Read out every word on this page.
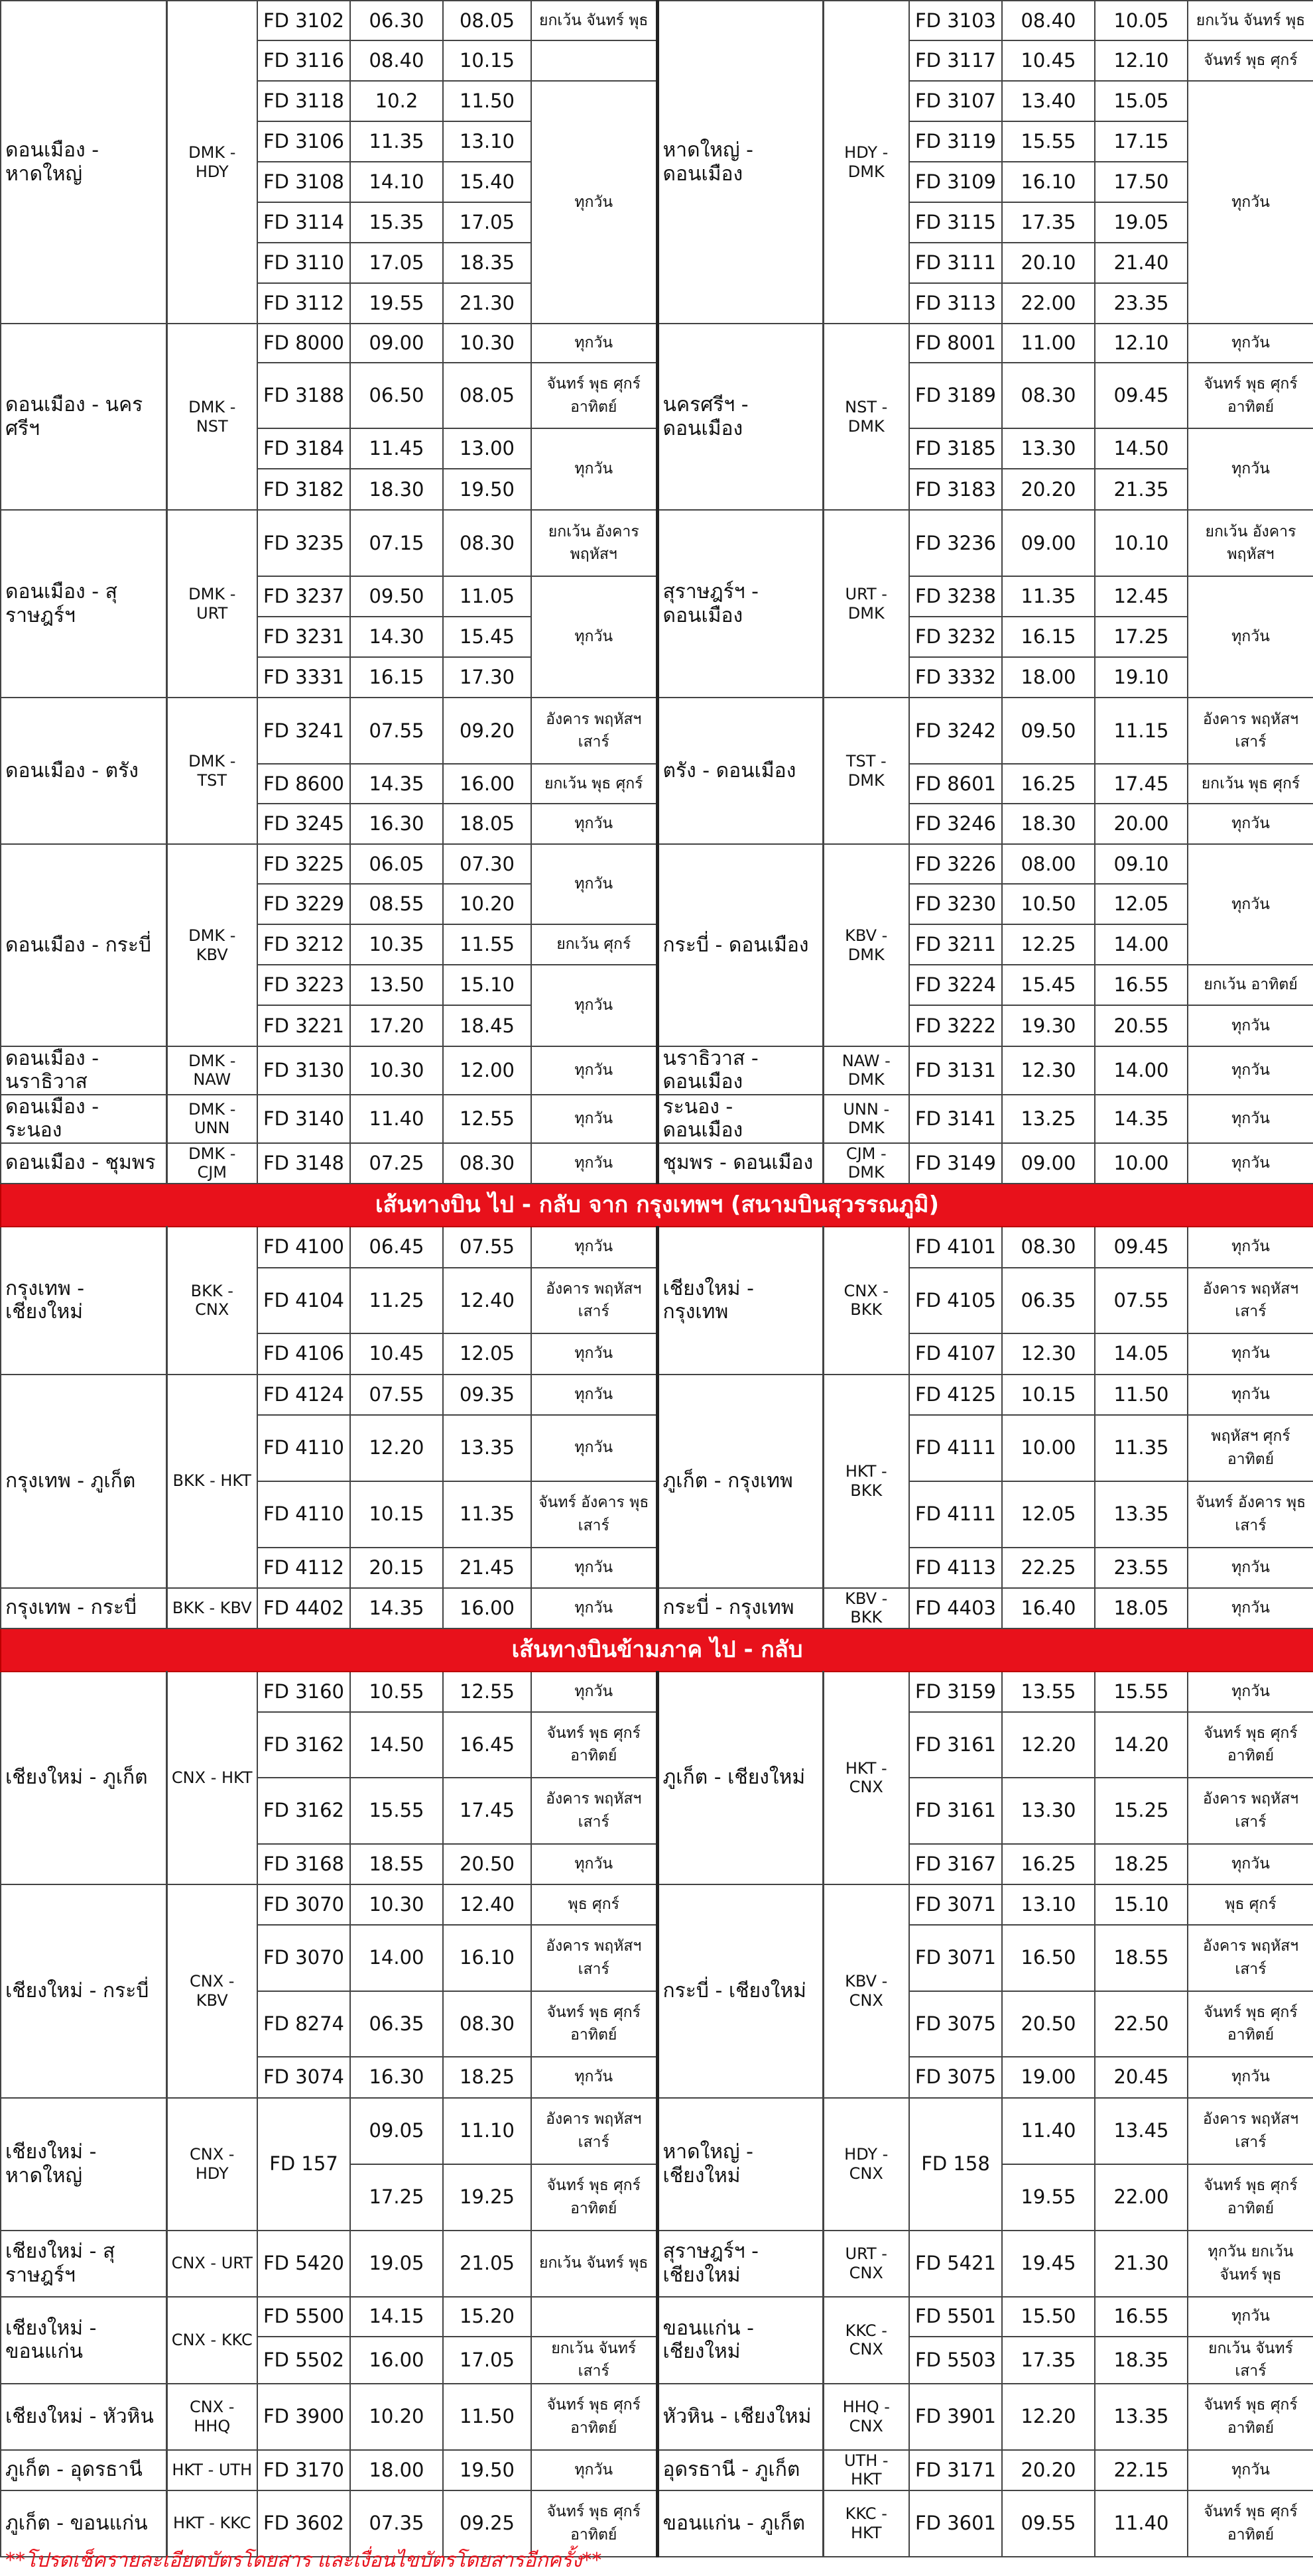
ดอนเมือง - หาดใหญ่	DMK - HDY	FD 3102	06.30	08.05	ยกเว้น จันทร์ พุธ	หาดใหญ่ - ดอนเมือง	HDY - DMK	FD 3103	08.40	10.05	ยกเว้น จันทร์ พุธ
		FD 3116	08.40	10.15				FD 3117	10.45	12.10	จันทร์ พุธ ศุกร์
		FD 3118	10.2	11.50	ทุกวัน			FD 3107	13.40	15.05	ทุกวัน
		FD 3106	11.35	13.10				FD 3119	15.55	17.15	
		FD 3108	14.10	15.40				FD 3109	16.10	17.50	
		FD 3114	15.35	17.05				FD 3115	17.35	19.05	
		FD 3110	17.05	18.35				FD 3111	20.10	21.40	
		FD 3112	19.55	21.30				FD 3113	22.00	23.35	
ดอนเมือง - นครศรีฯ	DMK - NST	FD 8000	09.00	10.30	ทุกวัน	นครศรีฯ - ดอนเมือง	NST - DMK	FD 8001	11.00	12.10	ทุกวัน
		FD 3188	06.50	08.05	จันทร์ พุธ ศุกร์ อาทิตย์			FD 3189	08.30	09.45	จันทร์ พุธ ศุกร์ อาทิตย์
		FD 3184	11.45	13.00	ทุกวัน			FD 3185	13.30	14.50	ทุกวัน
		FD 3182	18.30	19.50				FD 3183	20.20	21.35	
ดอนเมือง - สุราษฎร์ฯ	DMK - URT	FD 3235	07.15	08.30	ยกเว้น อังคาร พฤหัสฯ	สุราษฎร์ฯ - ดอนเมือง	URT - DMK	FD 3236	09.00	10.10	ยกเว้น อังคาร พฤหัสฯ
		FD 3237	09.50	11.05	ทุกวัน			FD 3238	11.35	12.45	ทุกวัน
		FD 3231	14.30	15.45				FD 3232	16.15	17.25	
		FD 3331	16.15	17.30				FD 3332	18.00	19.10	
ดอนเมือง - ตรัง	DMK - TST	FD 3241	07.55	09.20	อังคาร พฤหัสฯ เสาร์	ตรัง - ดอนเมือง	TST - DMK	FD 3242	09.50	11.15	อังคาร พฤหัสฯ เสาร์
		FD 8600	14.35	16.00	ยกเว้น พุธ ศุกร์			FD 8601	16.25	17.45	ยกเว้น พุธ ศุกร์
		FD 3245	16.30	18.05	ทุกวัน			FD 3246	18.30	20.00	ทุกวัน
ดอนเมือง - กระบี่	DMK - KBV	FD 3225	06.05	07.30	ทุกวัน	กระบี่ - ดอนเมือง	KBV - DMK	FD 3226	08.00	09.10	ทุกวัน
		FD 3229	08.55	10.20				FD 3230	10.50	12.05	
		FD 3212	10.35	11.55	ยกเว้น ศุกร์			FD 3211	12.25	14.00	
		FD 3223	13.50	15.10	ทุกวัน			FD 3224	15.45	16.55	ยกเว้น อาทิตย์
		FD 3221	17.20	18.45				FD 3222	19.30	20.55	ทุกวัน
ดอนเมือง - นราธิวาส	DMK - NAW	FD 3130	10.30	12.00	ทุกวัน	นราธิวาส - ดอนเมือง	NAW - DMK	FD 3131	12.30	14.00	ทุกวัน
ดอนเมือง - ระนอง	DMK - UNN	FD 3140	11.40	12.55	ทุกวัน	ระนอง - ดอนเมือง	UNN - DMK	FD 3141	13.25	14.35	ทุกวัน
ดอนเมือง - ชุมพร	DMK - CJM	FD 3148	07.25	08.30	ทุกวัน	ชุมพร - ดอนเมือง	CJM - DMK	FD 3149	09.00	10.00	ทุกวัน
เส้นทางบิน ไป - กลับ จาก กรุงเทพฯ (สนามบินสุวรรณภูมิ)											
กรุงเทพ - เชียงใหม่	BKK - CNX	FD 4100	06.45	07.55	ทุกวัน	เชียงใหม่ - กรุงเทพ	CNX - BKK	FD 4101	08.30	09.45	ทุกวัน
		FD 4104	11.25	12.40	อังคาร พฤหัสฯ เสาร์			FD 4105	06.35	07.55	อังคาร พฤหัสฯ เสาร์
		FD 4106	10.45	12.05	ทุกวัน			FD 4107	12.30	14.05	ทุกวัน
กรุงเทพ - ภูเก็ต	BKK - HKT	FD 4124	07.55	09.35	ทุกวัน	ภูเก็ต - กรุงเทพ	HKT - BKK	FD 4125	10.15	11.50	ทุกวัน
		FD 4110	12.20	13.35	ทุกวัน			FD 4111	10.00	11.35	พฤหัสฯ ศุกร์ อาทิตย์
		FD 4110	10.15	11.35	จันทร์ อังคาร พุธ เสาร์			FD 4111	12.05	13.35	จันทร์ อังคาร พุธ เสาร์
		FD 4112	20.15	21.45	ทุกวัน			FD 4113	22.25	23.55	ทุกวัน
กรุงเทพ - กระบี่	BKK - KBV	FD 4402	14.35	16.00	ทุกวัน	กระบี่ - กรุงเทพ	KBV - BKK	FD 4403	16.40	18.05	ทุกวัน
เส้นทางบินข้ามภาค ไป - กลับ											
เชียงใหม่ - ภูเก็ต	CNX - HKT	FD 3160	10.55	12.55	ทุกวัน	ภูเก็ต - เชียงใหม่	HKT - CNX	FD 3159	13.55	15.55	ทุกวัน
		FD 3162	14.50	16.45	จันทร์ พุธ ศุกร์ อาทิตย์			FD 3161	12.20	14.20	จันทร์ พุธ ศุกร์ อาทิตย์
		FD 3162	15.55	17.45	อังคาร พฤหัสฯ เสาร์			FD 3161	13.30	15.25	อังคาร พฤหัสฯ เสาร์
		FD 3168	18.55	20.50	ทุกวัน			FD 3167	16.25	18.25	ทุกวัน
เชียงใหม่ - กระบี่	CNX - KBV	FD 3070	10.30	12.40	พุธ ศุกร์	กระบี่ - เชียงใหม่	KBV - CNX	FD 3071	13.10	15.10	พุธ ศุกร์
		FD 3070	14.00	16.10	อังคาร พฤหัสฯ เสาร์			FD 3071	16.50	18.55	อังคาร พฤหัสฯ เสาร์
		FD 8274	06.35	08.30	จันทร์ พุธ ศุกร์ อาทิตย์			FD 3075	20.50	22.50	จันทร์ พุธ ศุกร์ อาทิตย์
		FD 3074	16.30	18.25	ทุกวัน			FD 3075	19.00	20.45	ทุกวัน
เชียงใหม่ - หาดใหญ่	CNX - HDY	FD 157	09.05	11.10	อังคาร พฤหัสฯ เสาร์	หาดใหญ่ - เชียงใหม่	HDY - CNX	FD 158	11.40	13.45	อังคาร พฤหัสฯ เสาร์
			17.25	19.25	จันทร์ พุธ ศุกร์ อาทิตย์				19.55	22.00	จันทร์ พุธ ศุกร์ อาทิตย์
เชียงใหม่ - สุราษฎร์ฯ	CNX - URT	FD 5420	19.05	21.05	ยกเว้น จันทร์ พุธ	สุราษฎร์ฯ - เชียงใหม่	URT - CNX	FD 5421	19.45	21.30	ทุกวัน ยกเว้น จันทร์ พุธ
เชียงใหม่ - ขอนแก่น	CNX - KKC	FD 5500	14.15	15.20		ขอนแก่น - เชียงใหม่	KKC - CNX	FD 5501	15.50	16.55	ทุกวัน
		FD 5502	16.00	17.05	ยกเว้น จันทร์ เสาร์			FD 5503	17.35	18.35	ยกเว้น จันทร์ เสาร์
เชียงใหม่ - หัวหิน	CNX - HHQ	FD 3900	10.20	11.50	จันทร์ พุธ ศุกร์ อาทิตย์	หัวหิน - เชียงใหม่	HHQ - CNX	FD 3901	12.20	13.35	จันทร์ พุธ ศุกร์ อาทิตย์
ภูเก็ต - อุดรธานี	HKT - UTH	FD 3170	18.00	19.50	ทุกวัน	อุดรธานี - ภูเก็ต	UTH - HKT	FD 3171	20.20	22.15	ทุกวัน
ภูเก็ต - ขอนแก่น	HKT - KKC	FD 3602	07.35	09.25	จันทร์ พุธ ศุกร์ อาทิตย์	ขอนแก่น - ภูเก็ต	KKC - HKT	FD 3601	09.55	11.40	จันทร์ พุธ ศุกร์ อาทิตย์
**โปรดเช็ครายละเอียดบัตรโดยสาร และเงื่อนไขบัตรโดยสารอีกครั้ง**
